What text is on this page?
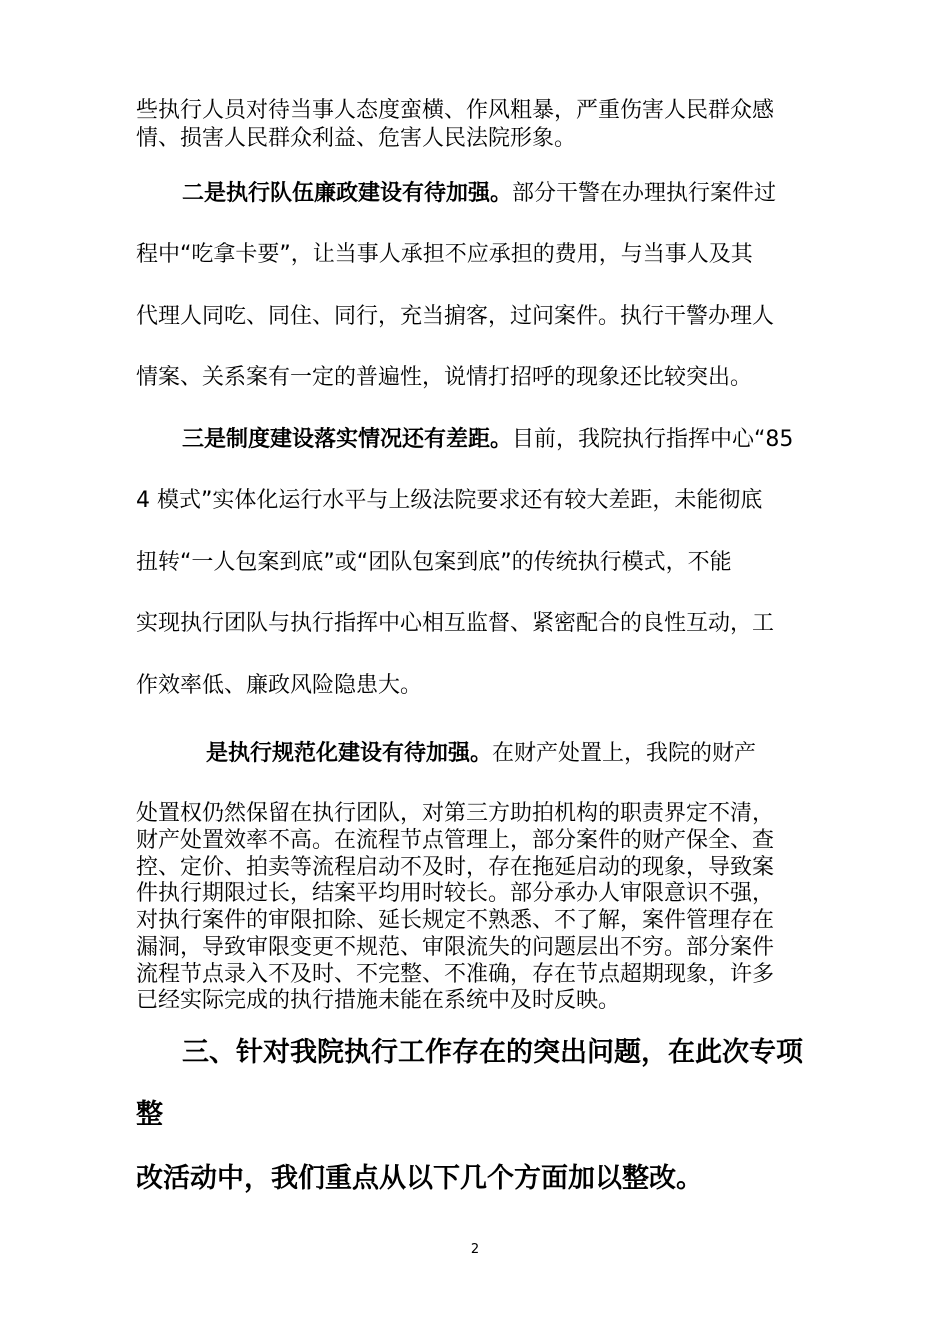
些执行人员对待当事人态度蛮横、作风粗暴，严重伤害人民群众感
情、损害人民群众利益、危害人民法院形象。
二是执行队伍廉政建设有待加强。部分干警在办理执行案件过
程中“吃拿卡要”，让当事人承担不应承担的费用，与当事人及其
代理人同吃、同住、同行，充当掮客，过问案件。执行干警办理人
情案、关系案有一定的普遍性，说情打招呼的现象还比较突出。
三是制度建设落实情况还有差距。目前，我院执行指挥中心“85
4 模式”实体化运行水平与上级法院要求还有较大差距，未能彻底
扭转“一人包案到底”或“团队包案到底”的传统执行模式，不能
实现执行团队与执行指挥中心相互监督、紧密配合的良性互动，工
作效率低、廉政风险隐患大。
是执行规范化建设有待加强。在财产处置上，我院的财产
处置权仍然保留在执行团队，对第三方助拍机构的职责界定不清，
财产处置效率不高。在流程节点管理上，部分案件的财产保全、查
控、定价、拍卖等流程启动不及时，存在拖延启动的现象，导致案
件执行期限过长，结案平均用时较长。部分承办人审限意识不强，
对执行案件的审限扣除、延长规定不熟悉、不了解，案件管理存在
漏洞，导致审限变更不规范、审限流失的问题层出不穷。部分案件
流程节点录入不及时、不完整、不准确，存在节点超期现象，许多
已经实际完成的执行措施未能在系统中及时反映。
三、针对我院执行工作存在的突出问题，在此次专项
整
改活动中，我们重点从以下几个方面加以整改。
2
